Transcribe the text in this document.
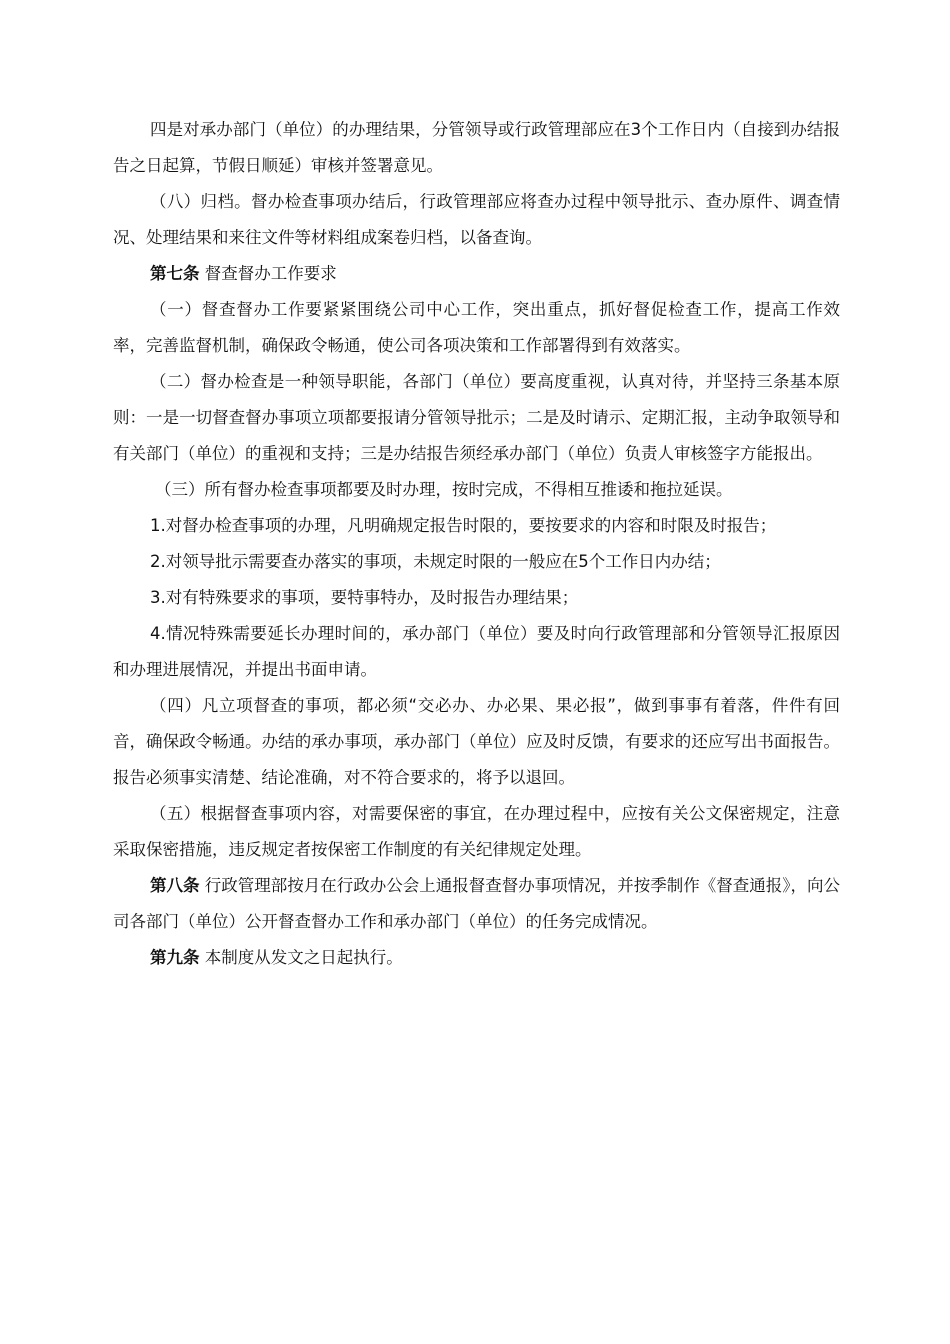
四是对承办部门（单位）的办理结果，分管领导或行政管理部应在3个工作日内（自接到办结报告之日起算，节假日顺延）审核并签署意见。

（八）归档。督办检查事项办结后，行政管理部应将查办过程中领导批示、查办原件、调查情况、处理结果和来往文件等材料组成案卷归档，以备查询。

第七条 督查督办工作要求

（一）督查督办工作要紧紧围绕公司中心工作，突出重点，抓好督促检查工作，提高工作效率，完善监督机制，确保政令畅通，使公司各项决策和工作部署得到有效落实。

（二）督办检查是一种领导职能，各部门（单位）要高度重视，认真对待，并坚持三条基本原则：一是一切督查督办事项立项都要报请分管领导批示；二是及时请示、定期汇报，主动争取领导和有关部门（单位）的重视和支持；三是办结报告须经承办部门（单位）负责人审核签字方能报出。

（三）所有督办检查事项都要及时办理，按时完成，不得相互推诿和拖拉延误。

1.对督办检查事项的办理，凡明确规定报告时限的，要按要求的内容和时限及时报告；

2.对领导批示需要查办落实的事项，未规定时限的一般应在5个工作日内办结；

3.对有特殊要求的事项，要特事特办，及时报告办理结果；

4.情况特殊需要延长办理时间的，承办部门（单位）要及时向行政管理部和分管领导汇报原因和办理进展情况，并提出书面申请。

（四）凡立项督查的事项，都必须“交必办、办必果、果必报”，做到事事有着落，件件有回音，确保政令畅通。办结的承办事项，承办部门（单位）应及时反馈，有要求的还应写出书面报告。报告必须事实清楚、结论准确，对不符合要求的，将予以退回。

（五）根据督查事项内容，对需要保密的事宜，在办理过程中，应按有关公文保密规定，注意采取保密措施，违反规定者按保密工作制度的有关纪律规定处理。

第八条 行政管理部按月在行政办公会上通报督查督办事项情况，并按季制作《督查通报》，向公司各部门（单位）公开督查督办工作和承办部门（单位）的任务完成情况。

第九条 本制度从发文之日起执行。
